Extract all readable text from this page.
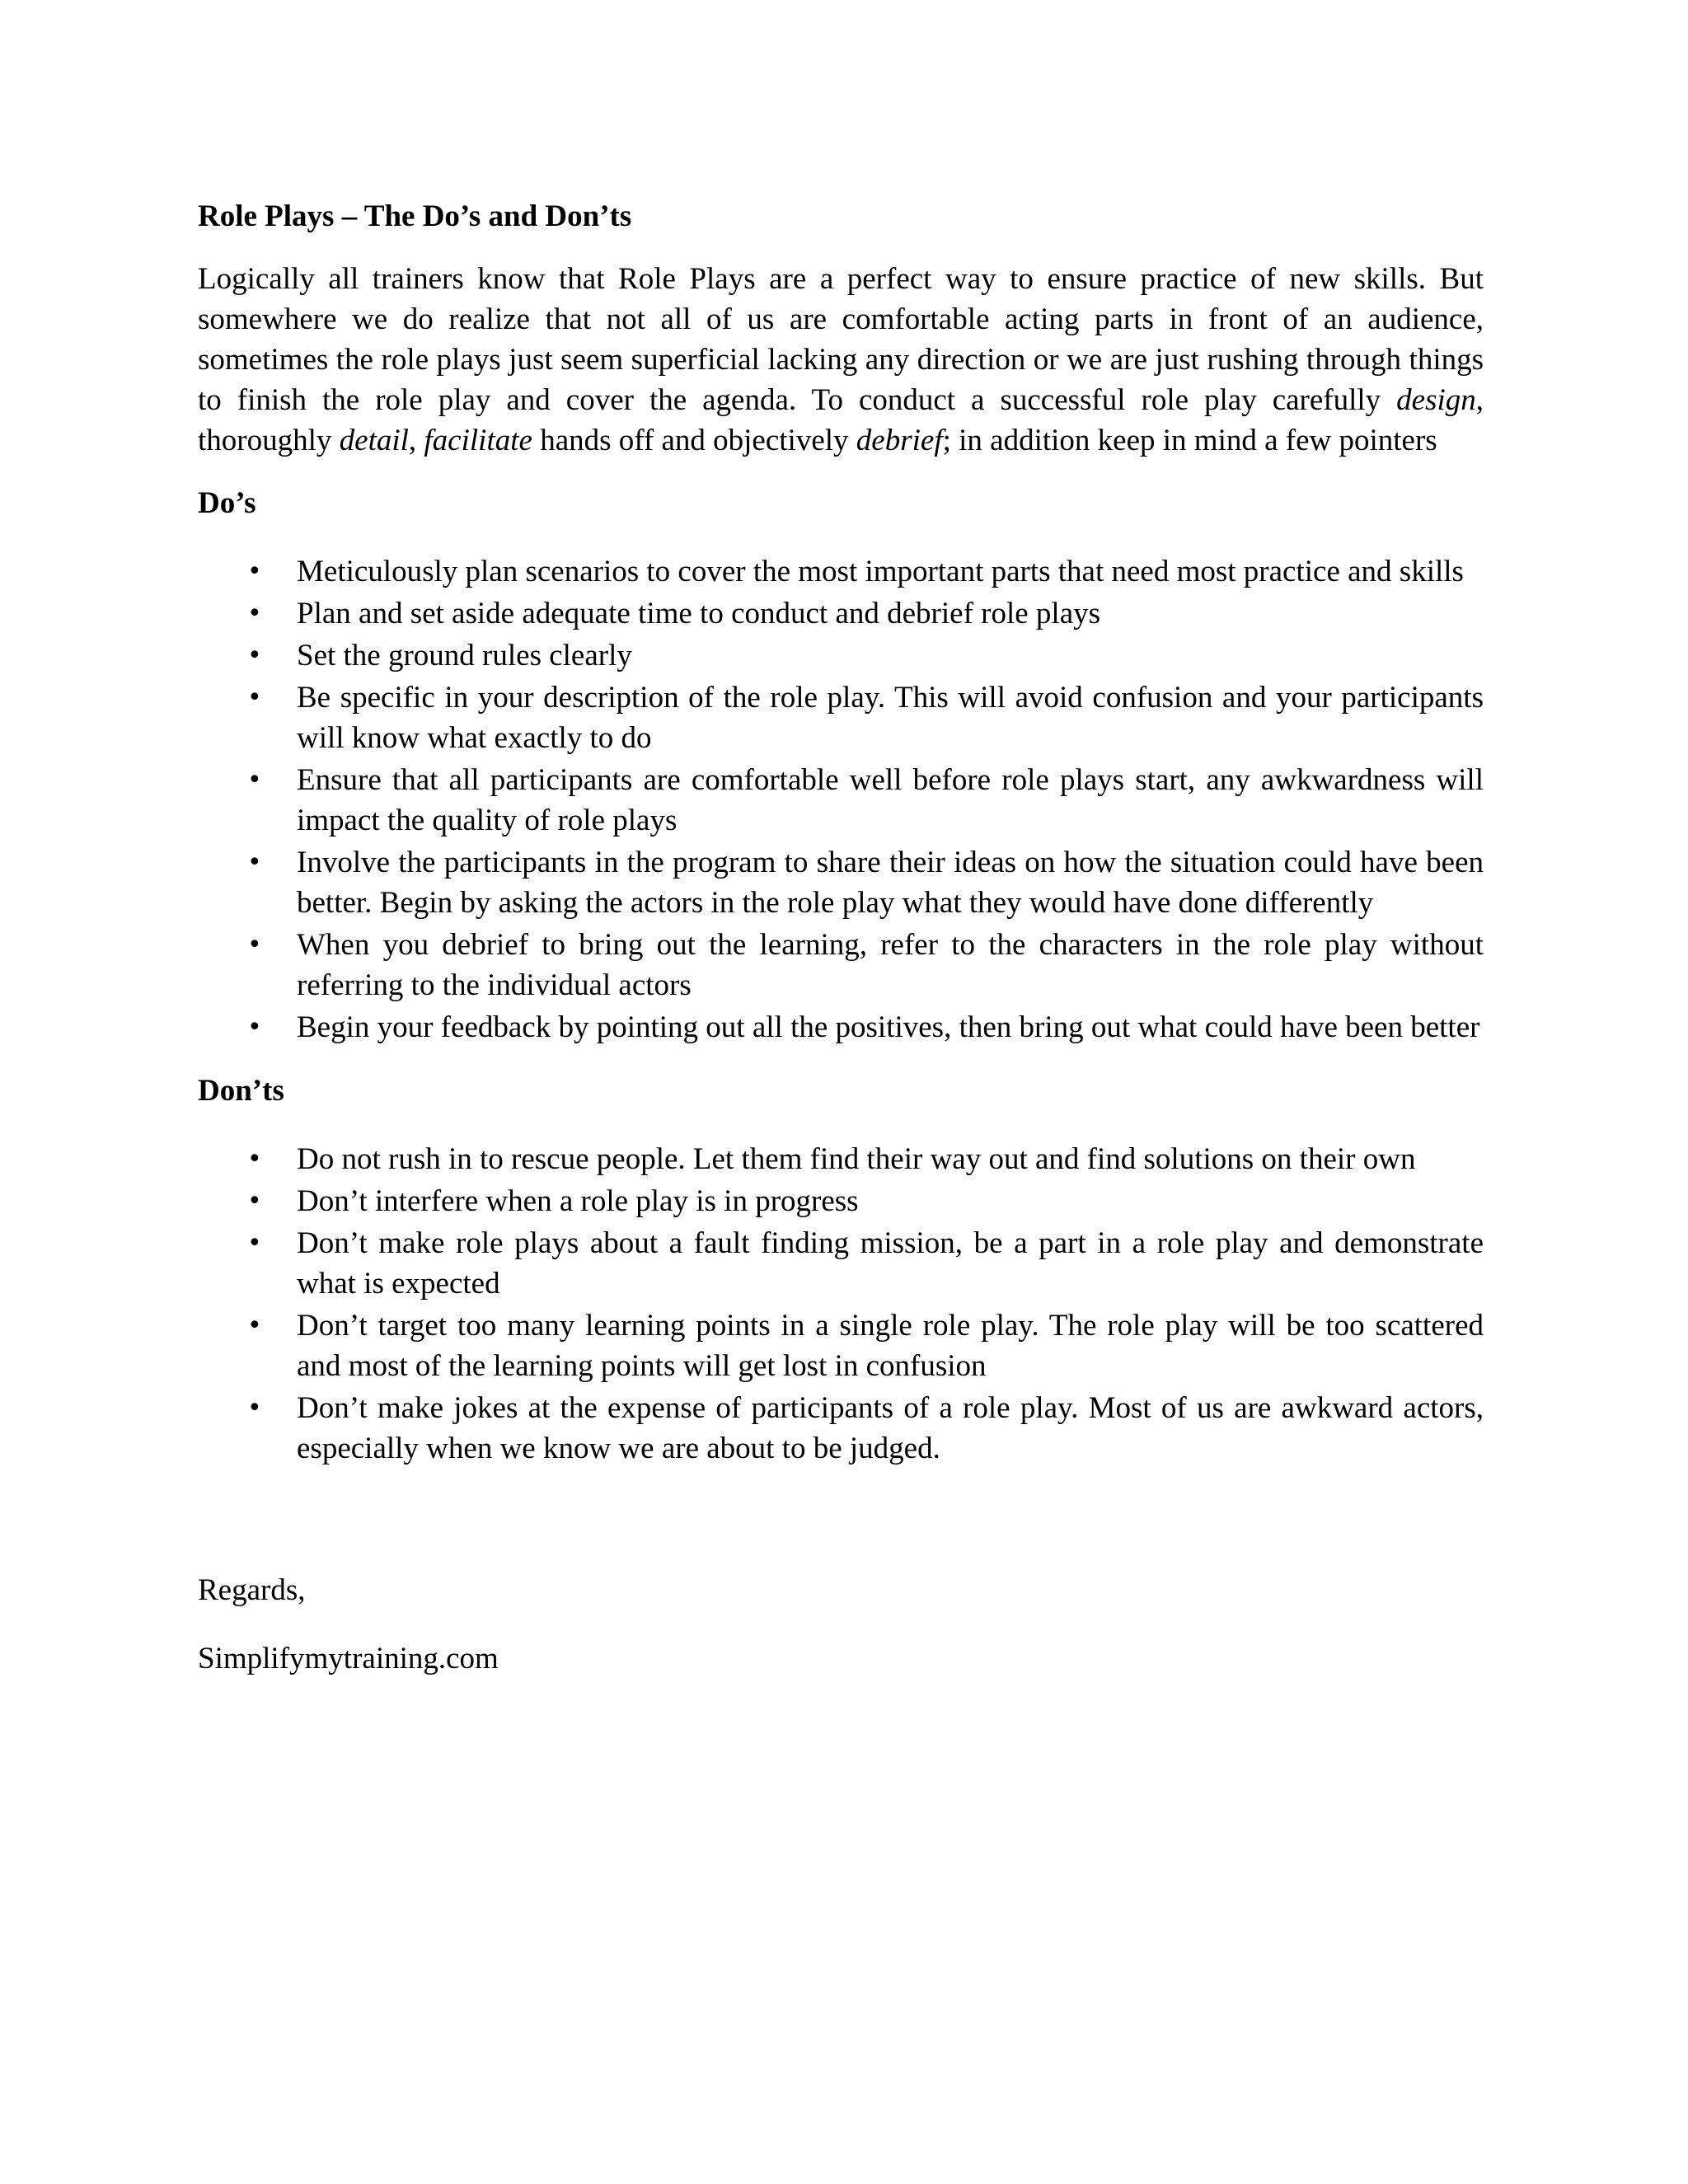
Role Plays – The Do’s and Don’ts

Logically all trainers know that Role Plays are a perfect way to ensure practice of new skills. But somewhere we do realize that not all of us are comfortable acting parts in front of an audience, sometimes the role plays just seem superficial lacking any direction or we are just rushing through things to finish the role play and cover the agenda. To conduct a successful role play carefully design, thoroughly detail, facilitate hands off and objectively debrief; in addition keep in mind a few pointers

Do’s
• Meticulously plan scenarios to cover the most important parts that need most practice and skills
• Plan and set aside adequate time to conduct and debrief role plays
• Set the ground rules clearly
• Be specific in your description of the role play. This will avoid confusion and your participants will know what exactly to do
• Ensure that all participants are comfortable well before role plays start, any awkwardness will impact the quality of role plays
• Involve the participants in the program to share their ideas on how the situation could have been better. Begin by asking the actors in the role play what they would have done differently
• When you debrief to bring out the learning, refer to the characters in the role play without referring to the individual actors
• Begin your feedback by pointing out all the positives, then bring out what could have been better
Don’ts
• Do not rush in to rescue people. Let them find their way out and find solutions on their own
• Don’t interfere when a role play is in progress
• Don’t make role plays about a fault finding mission, be a part in a role play and demonstrate what is expected
• Don’t target too many learning points in a single role play. The role play will be too scattered and most of the learning points will get lost in confusion
• Don’t make jokes at the expense of participants of a role play. Most of us are awkward actors, especially when we know we are about to be judged.
Regards,
Simplifymytraining.com
